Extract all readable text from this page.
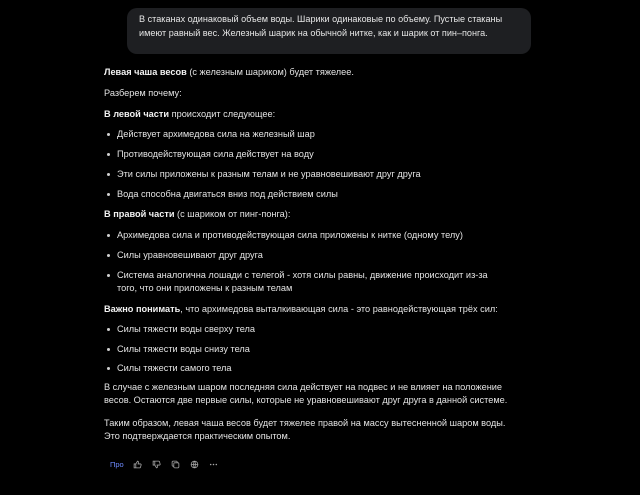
В стаканах одинаковый объем воды. Шарики одинаковые по объему. Пустые стаканы имеют равный вес. Железный шарик на обычной нитке, как и шарик от пин–понга.

Левая чаша весов (с железным шариком) будет тяжелее.

Разберем почему:

В левой части происходит следующее:

Действует архимедова сила на железный шар
Противодействующая сила действует на воду
Эти силы приложены к разным телам и не уравновешивают друг друга
Вода способна двигаться вниз под действием силы

В правой части (с шариком от пинг-понга):

Архимедова сила и противодействующая сила приложены к нитке (одному телу)
Силы уравновешивают друг друга
Система аналогична лошади с телегой - хотя силы равны, движение происходит из-за того, что они приложены к разным телам

Важно понимать, что архимедова выталкивающая сила - это равнодействующая трёх сил:

Силы тяжести воды сверху тела
Силы тяжести воды снизу тела
Силы тяжести самого тела

В случае с железным шаром последняя сила действует на подвес и не влияет на положение весов. Остаются две первые силы, которые не уравновешивают друг друга в данной системе.

Таким образом, левая чаша весов будет тяжелее правой на массу вытесненной шаром воды. Это подтверждается практическим опытом.

Про
